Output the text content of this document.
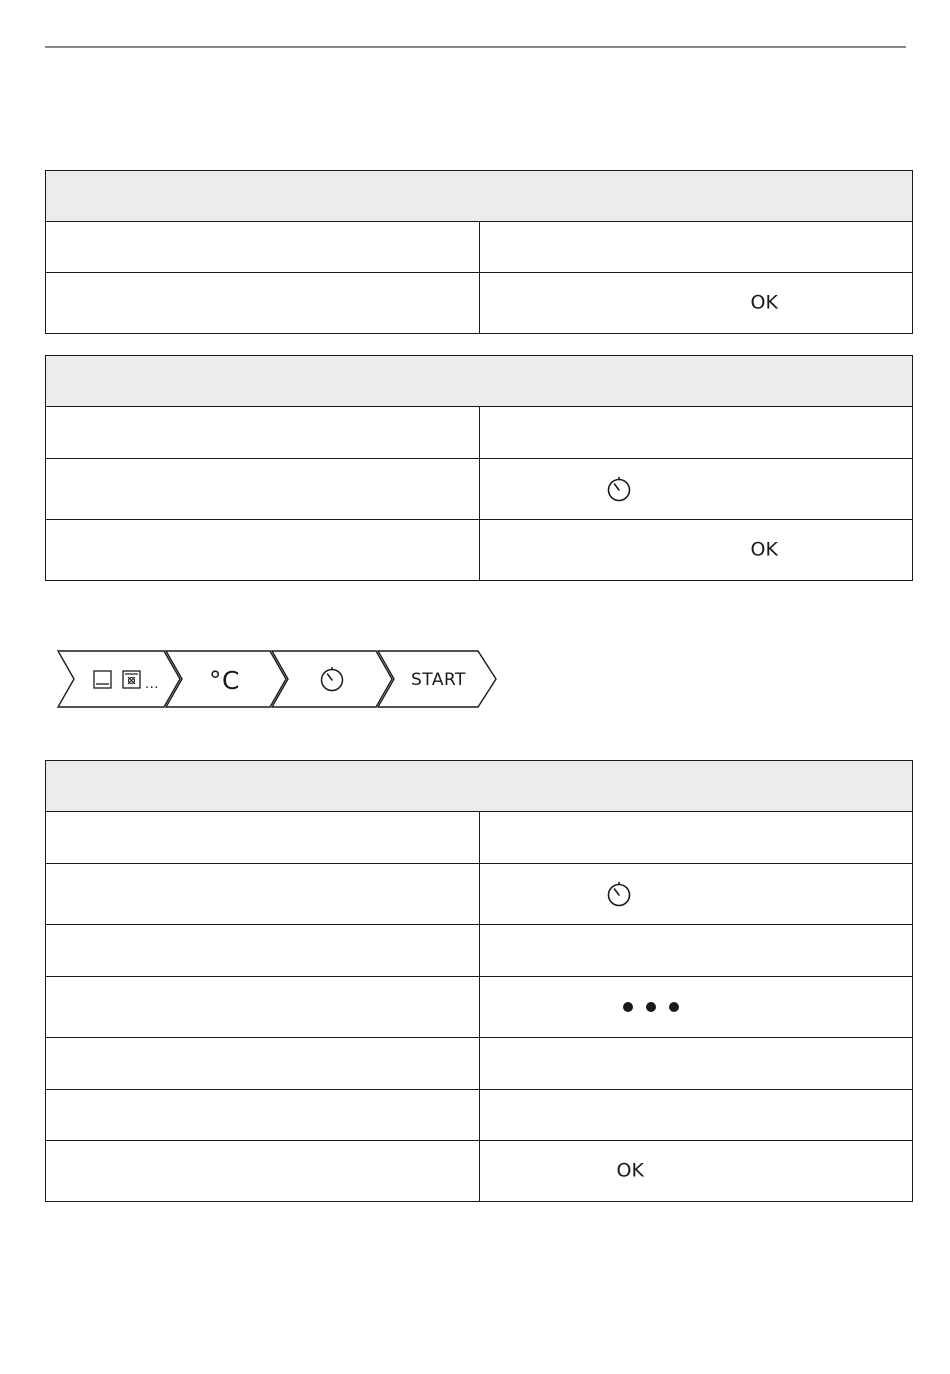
	OK

	OK
... °C	START

	OK
